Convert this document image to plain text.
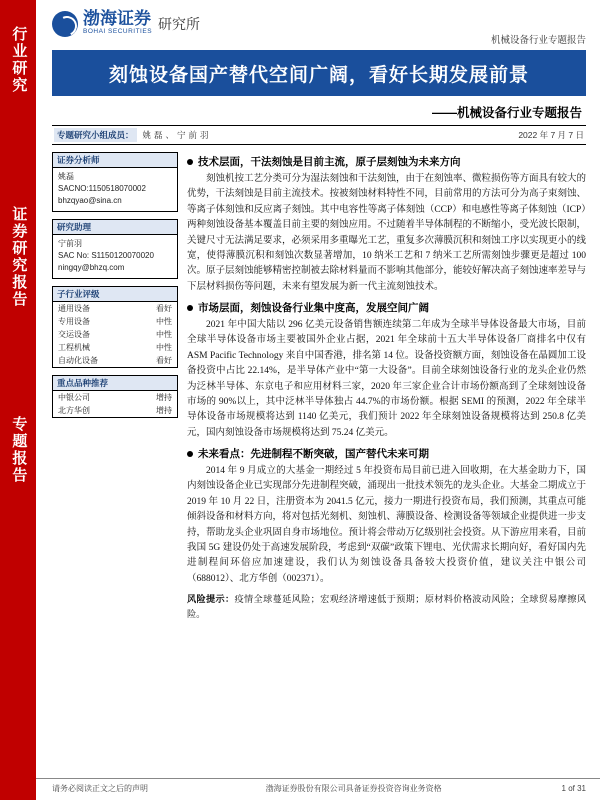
行业研究
证券研究报告
专题报告
渤海证券
BOHAI SECURITIES 研究所
机械设备行业专题报告
刻蚀设备国产替代空间广阔，看好长期发展前景
——机械设备行业专题报告
专题研究小组成员：	姚磊、宁前羽	2022 年 7 月 7 日
证券分析师
姚磊
SACNO:1150518070002
bhzqyao@sina.cn
研究助理
宁前羽
SAC No: S1150120070020
ningqy@bhzq.com
子行业评级
通用设备	看好
专用设备	中性
交运设备	中性
工程机械	中性
自动化设备	看好
重点品种推荐
中银公司	增持
北方华创	增持
技术层面，干法刻蚀是目前主流，原子层刻蚀为未来方向

刻蚀机按工艺分类可分为湿法刻蚀和干法刻蚀，由于在刻蚀率、微粒损伤等方面具有较大的优势，干法刻蚀是目前主流技术。按被刻蚀材料特性不同，目前常用的方法可分为高子束刻蚀、等离子体刻蚀和反应离子刻蚀。其中电容性等离子体刻蚀（CCP）和电感性等离子体刻蚀（ICP）两种刻蚀设备基本覆盖目前主要的刻蚀应用。不过随着半导体制程的不断缩小，受光波长限制，关键尺寸无法满足要求，必须采用多重曝光工艺，重复多次薄膜沉积和刻蚀工序以实现更小的线宽，使得薄膜沉积和刻蚀次数显著增加，10 纳米工艺和 7 纳米工艺所需刻蚀步骤更是超过 100 次。原子层刻蚀能够精密控制被去除材料量而不影响其他部分，能较好解决高子刻蚀速率差导与下层材料损伤等问题，未来有望发展为新一代主流刻蚀技术。

市场层面，刻蚀设备行业集中度高，发展空间广阔

2021 年中国大陆以 296 亿美元设备销售额连续第二年成为全球半导体设备最大市场，目前全球半导体设备市场主要被国外企业占据，2021 年全球前十五大半导体设备厂商排名中仅有 ASM Pacific Technology 来自中国香港，排名第 14 位。设备投资额方面，刻蚀设备在晶圆加工设备投资中占比 22.14%，是半导体产业中“第一大设备”。目前全球刻蚀设备行业的龙头企业仍然为泛林半导体、东京电子和应用材料三家，2020 年三家企业合计市场份额高到了全球刻蚀设备市场的 90%以上，其中泛林半导体独占 44.7%的市场份额。根据 SEMI 的预测，2022 年全球半导体设备市场规模将达到 1140 亿美元，我们预计 2022 年全球刻蚀设备规模将达到 250.8 亿美元，国内刻蚀设备市场规模将达到 75.24 亿美元。

未来看点：先进制程不断突破，国产替代未来可期

2014 年 9 月成立的大基金一期经过 5 年投资布局目前已进入回收期，在大基金助力下，国内刻蚀设备企业已实现部分先进制程突破，涌现出一批技术领先的龙头企业。大基金二期成立于 2019 年 10 月 22 日，注册资本为 2041.5 亿元，接力一期进行投资布局，我们预测，其重点可能倾斜设备和材料方向，将对包括光刻机、刻蚀机、薄膜设备、检测设备等领域企业提供进一步支持，帮助龙头企业巩固自身市场地位。预计将会带动万亿级别社会投资。从下游应用来看，目前我国 5G 建设仍处于高速发展阶段，考虑到“双碳”政策下锂电、光伏需求长期向好，看好国内先进制程间环倍应加速建设，我们认为刻蚀设备具备较大投资价值，建议关注中银公司（688012）、北方华创（002371）。

风险提示：疫情全球蔓延风险；宏观经济增速低于预期；原材料价格波动风险；全球贸易摩擦风险。
请务必阅读正文之后的声明	渤海证券股份有限公司具备证券投资咨询业务资格	1 of 31
